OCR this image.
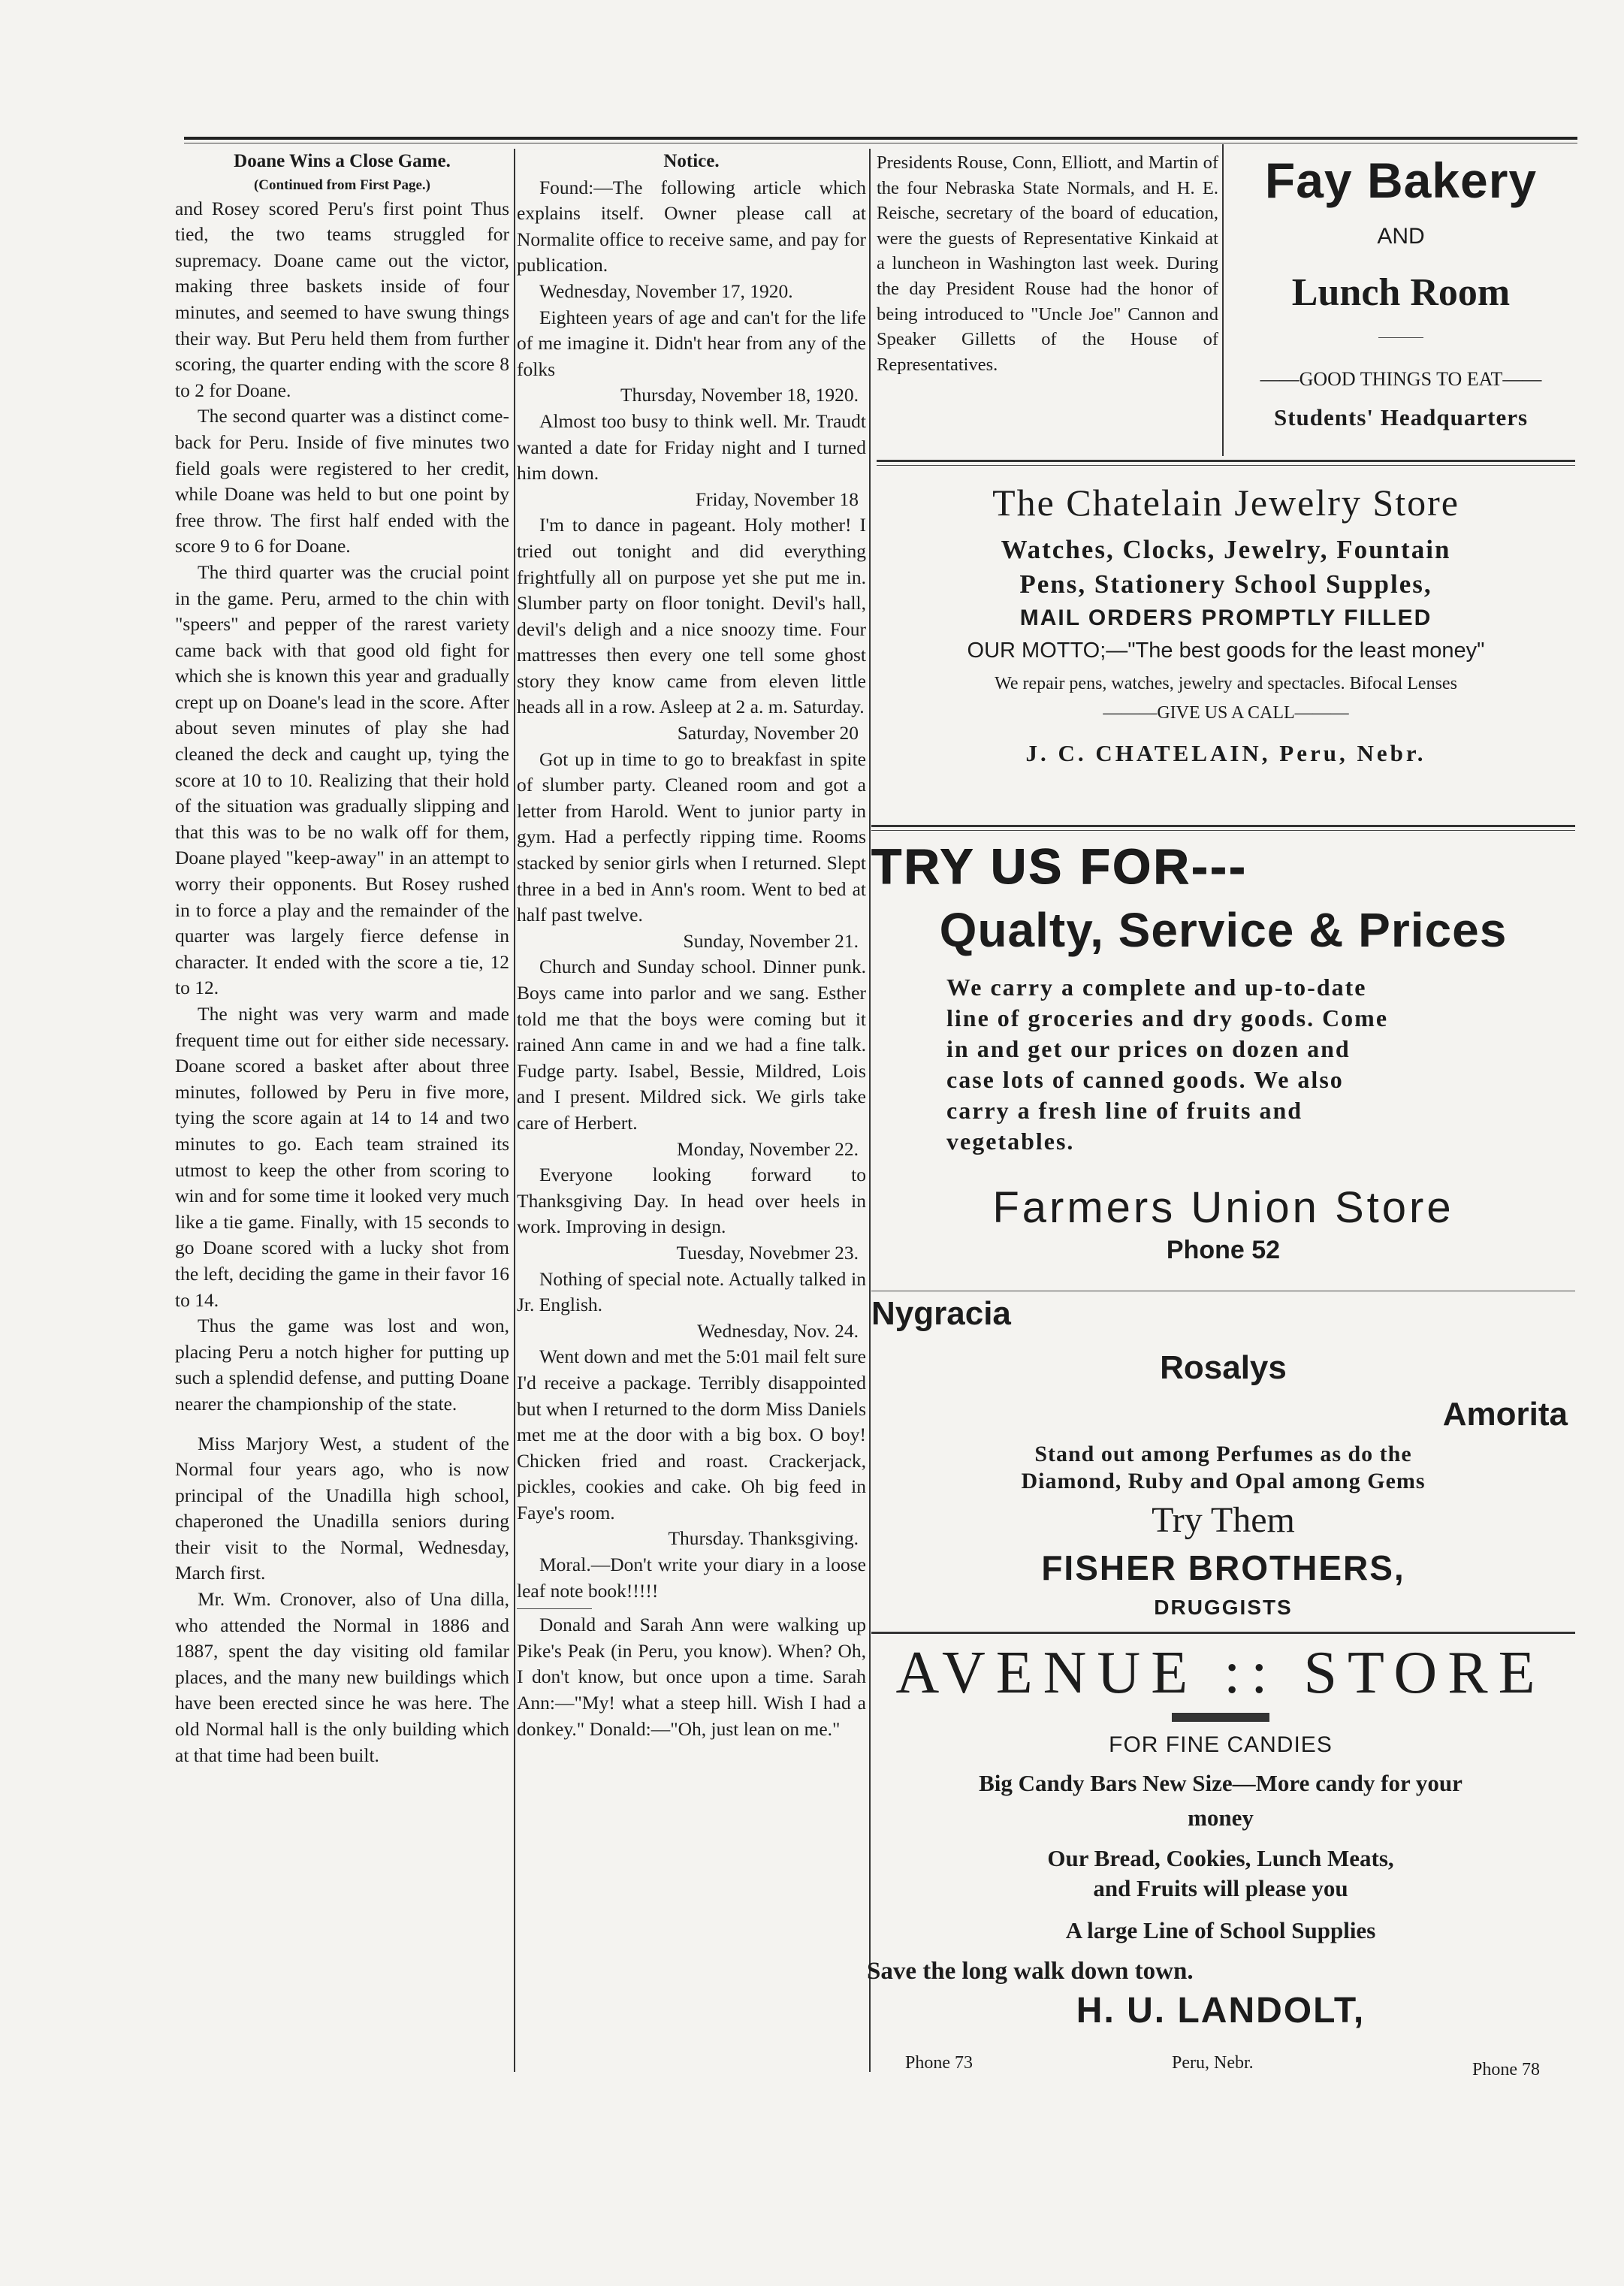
Doane Wins a Close Game.
(Continued from First Page.)

and Rosey scored Peru's first point Thus tied, the two teams struggled for supremacy. Doane came out the victor, making three baskets inside of four minutes, and seemed to have swung things their way. But Peru held them from further scoring, the quarter ending with the score 8 to 2 for Doane.

The second quarter was a distinct come-back for Peru. Inside of five minutes two field goals were registered to her credit, while Doane was held to but one point by free throw. The first half ended with the score 9 to 6 for Doane.

The third quarter was the crucial point in the game. Peru, armed to the chin with "speers" and pepper of the rarest variety came back with that good old fight for which she is known this year and gradually crept up on Doane's lead in the score. After about seven minutes of play she had cleaned the deck and caught up, tying the score at 10 to 10. Realizing that their hold of the situation was gradually slipping and that this was to be no walk off for them, Doane played "keep-away" in an attempt to worry their opponents. But Rosey rushed in to force a play and the remainder of the quarter was largely fierce defense in character. It ended with the score a tie, 12 to 12.

The night was very warm and made frequent time out for either side necessary. Doane scored a basket after about three minutes, followed by Peru in five more, tying the score again at 14 to 14 and two minutes to go. Each team strained its utmost to keep the other from scoring to win and for some time it looked very much like a tie game. Finally, with 15 seconds to go Doane scored with a lucky shot from the left, deciding the game in their favor 16 to 14.

Thus the game was lost and won, placing Peru a notch higher for putting up such a splendid defense, and putting Doane nearer the championship of the state.

Miss Marjory West, a student of the Normal four years ago, who is now principal of the Unadilla high school, chaperoned the Unadilla seniors during their visit to the Normal, Wednesday, March first.

Mr. Wm. Cronover, also of Una dilla, who attended the Normal in 1886 and 1887, spent the day visiting old familar places, and the many new buildings which have been erected since he was here. The old Normal hall is the only building which at that time had been built.

Notice.

Found:—The following article which explains itself. Owner please call at Normalite office to receive same, and pay for publication.

Wednesday, November 17, 1920.

Eighteen years of age and can't for the life of me imagine it. Didn't hear from any of the folks

Thursday, November 18, 1920.

Almost too busy to think well. Mr. Traudt wanted a date for Friday night and I turned him down.

Friday, November 18

I'm to dance in pageant. Holy mother! I tried out tonight and did everything frightfully all on purpose yet she put me in. Slumber party on floor tonight. Devil's hall, devil's deligh and a nice snoozy time. Four mattresses then every one tell some ghost story they know came from eleven little heads all in a row. Asleep at 2 a. m. Saturday.

Saturday, November 20

Got up in time to go to breakfast in spite of slumber party. Cleaned room and got a letter from Harold. Went to junior party in gym. Had a perfectly ripping time. Rooms stacked by senior girls when I returned. Slept three in a bed in Ann's room. Went to bed at half past twelve.

Sunday, November 21.

Church and Sunday school. Dinner punk. Boys came into parlor and we sang. Esther told me that the boys were coming but it rained Ann came in and we had a fine talk. Fudge party. Isabel, Bessie, Mildred, Lois and I present. Mildred sick. We girls take care of Herbert.

Monday, November 22.

Everyone looking forward to Thanksgiving Day. In head over heels in work. Improving in design.

Tuesday, Novebmer 23.

Nothing of special note. Actually talked in Jr. English.

Wednesday, Nov. 24.

Went down and met the 5:01 mail felt sure I'd receive a package. Terribly disappointed but when I returned to the dorm Miss Daniels met me at the door with a big box. O boy! Chicken fried and roast. Crackerjack, pickles, cookies and cake. Oh big feed in Faye's room.

Thursday. Thanksgiving.

Moral.—Don't write your diary in a loose leaf note book!!!!!

Donald and Sarah Ann were walking up Pike's Peak (in Peru, you know). When? Oh, I don't know, but once upon a time. Sarah Ann:—"My! what a steep hill. Wish I had a donkey." Donald:—"Oh, just lean on me."

Presidents Rouse, Conn, Elliott, and Martin of the four Nebraska State Normals, and H. E. Reische, secretary of the board of education, were the guests of Representative Kinkaid at a luncheon in Washington last week. During the day President Rouse had the honor of being introduced to "Uncle Joe" Cannon and Speaker Gilletts of the House of Representatives.

Fay Bakery
AND
Lunch Room
——GOOD THINGS TO EAT——
Students' Headquarters
The Chatelain Jewelry Store
Watches, Clocks, Jewelry, Fountain
Pens, Stationery School Supples,
MAIL ORDERS PROMPTLY FILLED
OUR MOTTO;—"The best goods for the least money"
We repair pens, watches, jewelry and spectacles. Bifocal Lenses
———GIVE US A CALL———
J. C. CHATELAIN, Peru, Nebr.
TRY US FOR---
Qualty, Service & Prices
We carry a complete and up-to-date line of groceries and dry goods. Come in and get our prices on dozen and case lots of canned goods. We also carry a fresh line of fruits and vegetables.
Farmers Union Store
Phone 52
Nygracia
Rosalys
Amorita
Stand out among Perfumes as do the
Diamond, Ruby and Opal among Gems
Try Them
FISHER BROTHERS,
DRUGGISTS
AVENUE :: STORE
FOR FINE CANDIES
Big Candy Bars New Size—More candy for your
money
Our Bread, Cookies, Lunch Meats,
and Fruits will please you
A large Line of School Supplies
Save the long walk down town.
H. U. LANDOLT,
Phone 73	Peru, Nebr.	Phone 78
